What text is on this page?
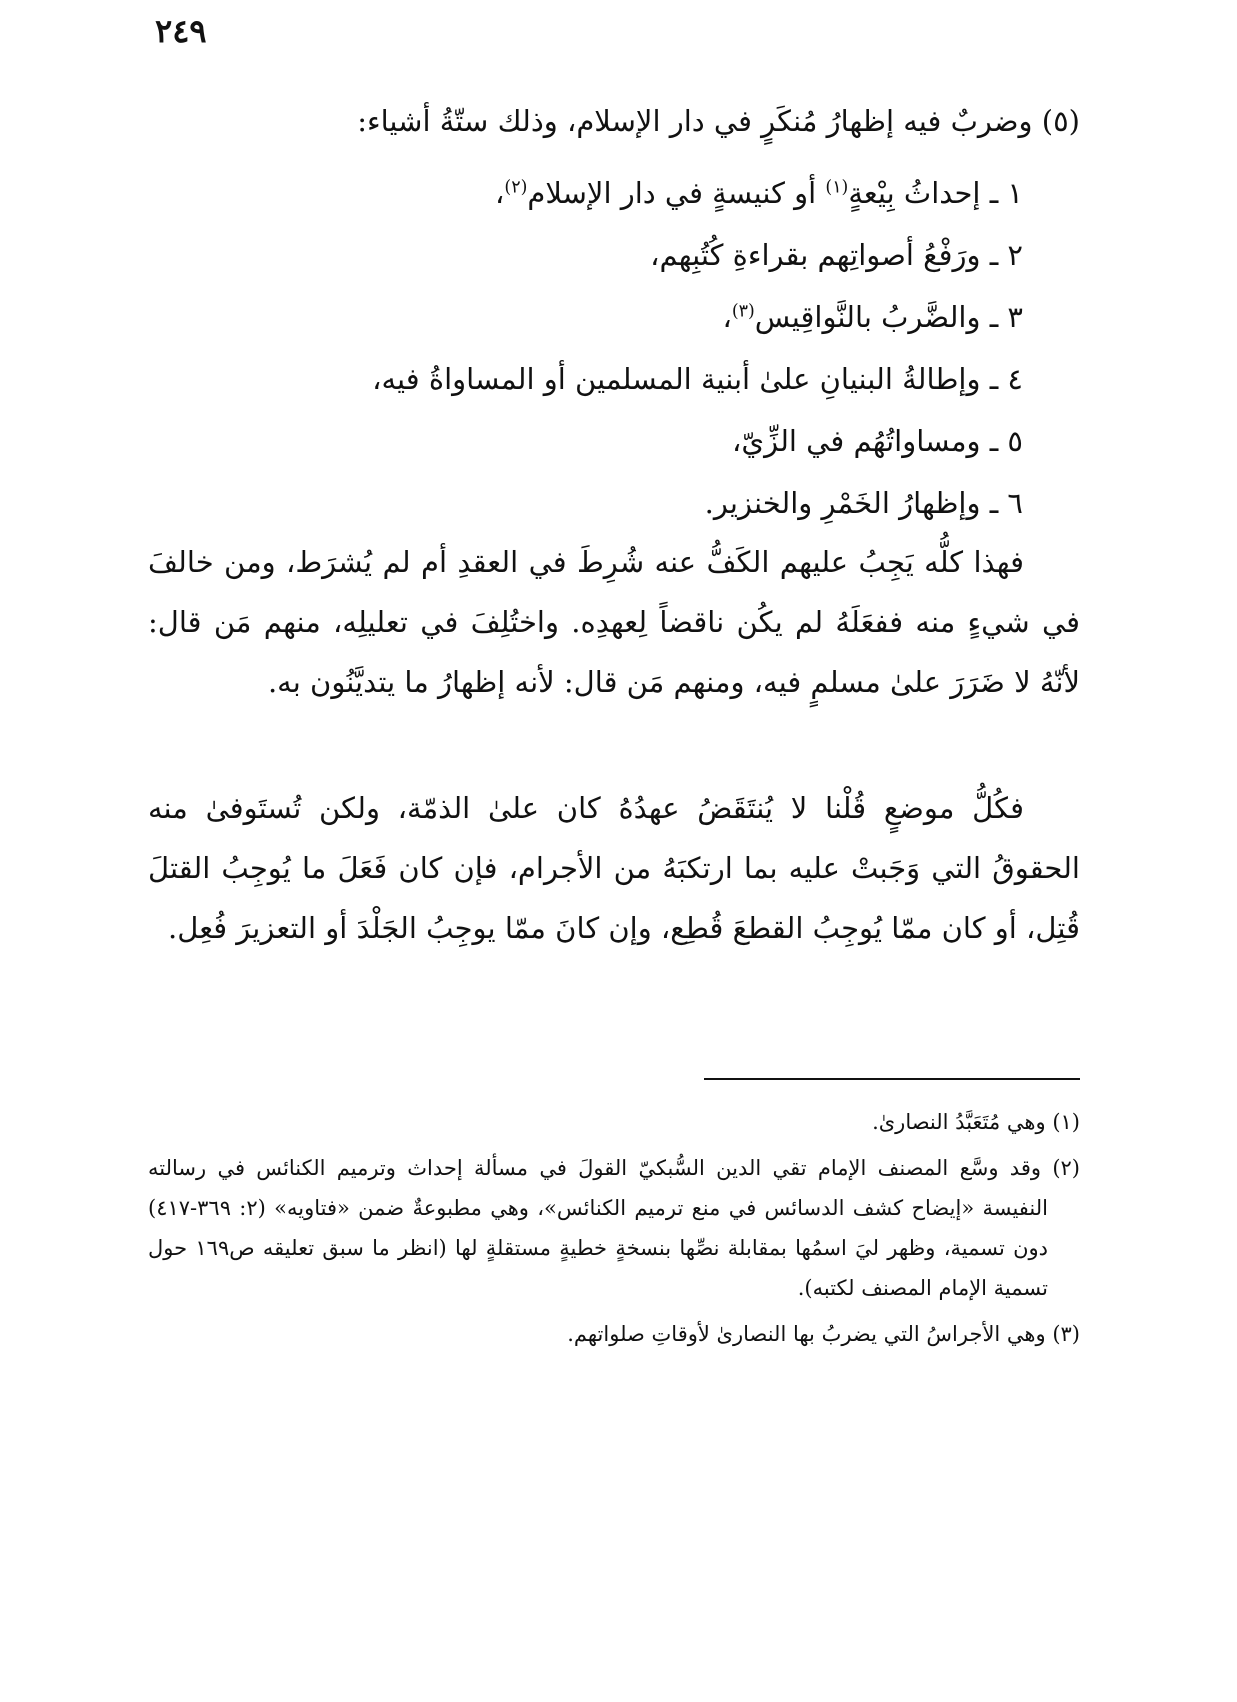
٢٤٩
(٥) وضربٌ فيه إظهارُ مُنكَرٍ في دار الإسلام، وذلك ستّةُ أشياء:
١ ـ إحداثُ بِيْعةٍ$^{(١)}$ أو كنيسةٍ في دار الإسلام$^{(٢)}$،
٢ ـ ورَفْعُ أصواتِهم بقراءةِ كُتُبِهم،
٣ ـ والضَّربُ بالنَّواقِيس$^{(٣)}$،
٤ ـ وإطالةُ البنيانِ علىٰ أبنية المسلمين أو المساواةُ فيه،
٥ ـ ومساواتُهُم في الزِّيّ،
٦ ـ وإظهارُ الخَمْرِ والخنزير.

فهذا كلُّه يَجِبُ عليهم الكَفُّ عنه شُرِطَ في العقدِ أم لم يُشرَط، ومن خالفَ في شيءٍ منه ففعَلَهُ لم يكُن ناقضاً لِعهدِه. واختُلِفَ في تعليلِه، منهم مَن قال: لأنّهُ لا ضَرَرَ علىٰ مسلمٍ فيه، ومنهم مَن قال: لأنه إظهارُ ما يتديَّنُون به.

فكُلُّ موضعٍ قُلْنا لا يُنتَقَضُ عهدُهُ كان علىٰ الذمّة، ولكن تُستَوفىٰ منه الحقوقُ التي وَجَبتْ عليه بما ارتكبَهُ من الأجرام، فإن كان فَعَلَ ما يُوجِبُ القتلَ قُتِل، أو كان ممّا يُوجِبُ القطعَ قُطِع، وإن كانَ ممّا يوجِبُ الجَلْدَ أو التعزيرَ فُعِل.

(١) وهي مُتَعَبَّدُ النصارىٰ.

(٢) وقد وسَّع المصنف الإمام تقي الدين السُّبكيّ القولَ في مسألة إحداث وترميم الكنائس في رسالته النفيسة «إيضاح كشف الدسائس في منع ترميم الكنائس»، وهي مطبوعةٌ ضمن «فتاويه» (٢: ٣٦٩-٤١٧) دون تسمية، وظهر ليَ اسمُها بمقابلة نصِّها بنسخةٍ خطيةٍ مستقلةٍ لها (انظر ما سبق تعليقه ص١٦٩ حول تسمية الإمام المصنف لكتبه).

(٣) وهي الأجراسُ التي يضربُ بها النصارىٰ لأوقاتِ صلواتهم.
